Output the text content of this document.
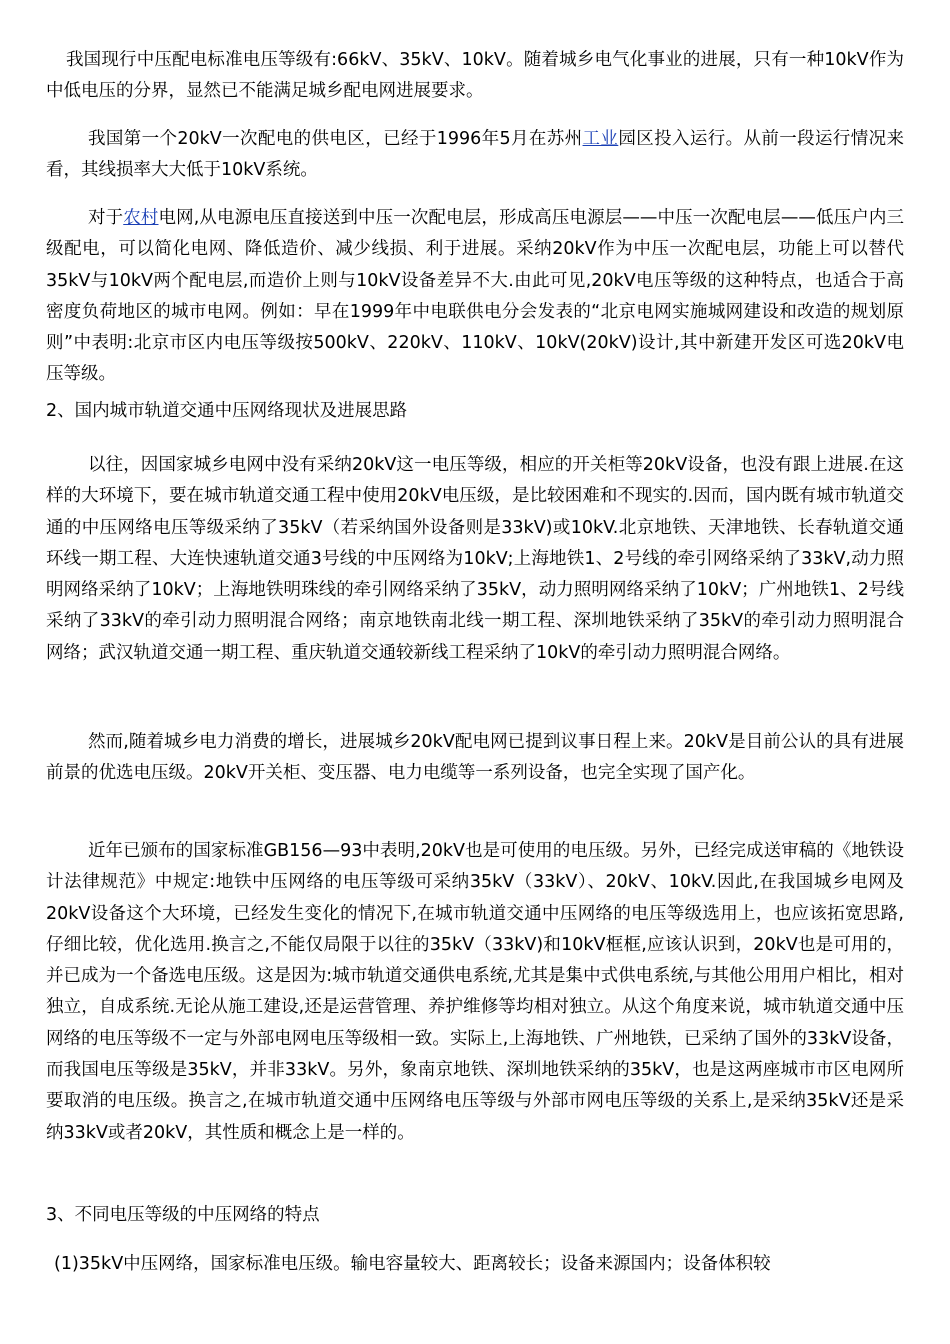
我国现行中压配电标准电压等级有:66kV、35kV、10kV。随着城乡电气化事业的进展，只有一种10kV作为中低电压的分界，显然已不能满足城乡配电网进展要求。

我国第一个20kV一次配电的供电区，已经于1996年5月在苏州工业园区投入运行。从前一段运行情况来看，其线损率大大低于10kV系统。

对于农村电网,从电源电压直接送到中压一次配电层，形成高压电源层——中压一次配电层——低压户内三级配电，可以简化电网、降低造价、减少线损、利于进展。采纳20kV作为中压一次配电层，功能上可以替代35kV与10kV两个配电层,而造价上则与10kV设备差异不大.由此可见,20kV电压等级的这种特点，也适合于高密度负荷地区的城市电网。例如：早在1999年中电联供电分会发表的“北京电网实施城网建设和改造的规划原则”中表明:北京市区内电压等级按500kV、220kV、110kV、10kV(20kV)设计,其中新建开发区可选20kV电压等级。

2、国内城市轨道交通中压网络现状及进展思路

以往，因国家城乡电网中没有采纳20kV这一电压等级，相应的开关柜等20kV设备，也没有跟上进展.在这样的大环境下，要在城市轨道交通工程中使用20kV电压级，是比较困难和不现实的.因而，国内既有城市轨道交通的中压网络电压等级采纳了35kV（若采纳国外设备则是33kV)或10kV.北京地铁、天津地铁、长春轨道交通环线一期工程、大连快速轨道交通3号线的中压网络为10kV;上海地铁1、2号线的牵引网络采纳了33kV,动力照明网络采纳了10kV；上海地铁明珠线的牵引网络采纳了35kV，动力照明网络采纳了10kV；广州地铁1、2号线采纳了33kV的牵引动力照明混合网络；南京地铁南北线一期工程、深圳地铁采纳了35kV的牵引动力照明混合网络；武汉轨道交通一期工程、重庆轨道交通较新线工程采纳了10kV的牵引动力照明混合网络。

然而,随着城乡电力消费的增长，进展城乡20kV配电网已提到议事日程上来。20kV是目前公认的具有进展前景的优选电压级。20kV开关柜、变压器、电力电缆等一系列设备，也完全实现了国产化。

近年已颁布的国家标准GB156—93中表明,20kV也是可使用的电压级。另外，已经完成送审稿的《地铁设计法律规范》中规定:地铁中压网络的电压等级可采纳35kV（33kV）、20kV、10kV.因此,在我国城乡电网及20kV设备这个大环境，已经发生变化的情况下,在城市轨道交通中压网络的电压等级选用上，也应该拓宽思路,仔细比较，优化选用.换言之,不能仅局限于以往的35kV（33kV)和10kV框框,应该认识到，20kV也是可用的，并已成为一个备选电压级。这是因为:城市轨道交通供电系统,尤其是集中式供电系统,与其他公用用户相比，相对独立，自成系统.无论从施工建设,还是运营管理、养护维修等均相对独立。从这个角度来说，城市轨道交通中压网络的电压等级不一定与外部电网电压等级相一致。实际上,上海地铁、广州地铁，已采纳了国外的33kV设备，而我国电压等级是35kV，并非33kV。另外，象南京地铁、深圳地铁采纳的35kV，也是这两座城市市区电网所要取消的电压级。换言之,在城市轨道交通中压网络电压等级与外部市网电压等级的关系上,是采纳35kV还是采纳33kV或者20kV，其性质和概念上是一样的。

3、不同电压等级的中压网络的特点

(1)35kV中压网络，国家标准电压级。输电容量较大、距离较长；设备来源国内；设备体积较
